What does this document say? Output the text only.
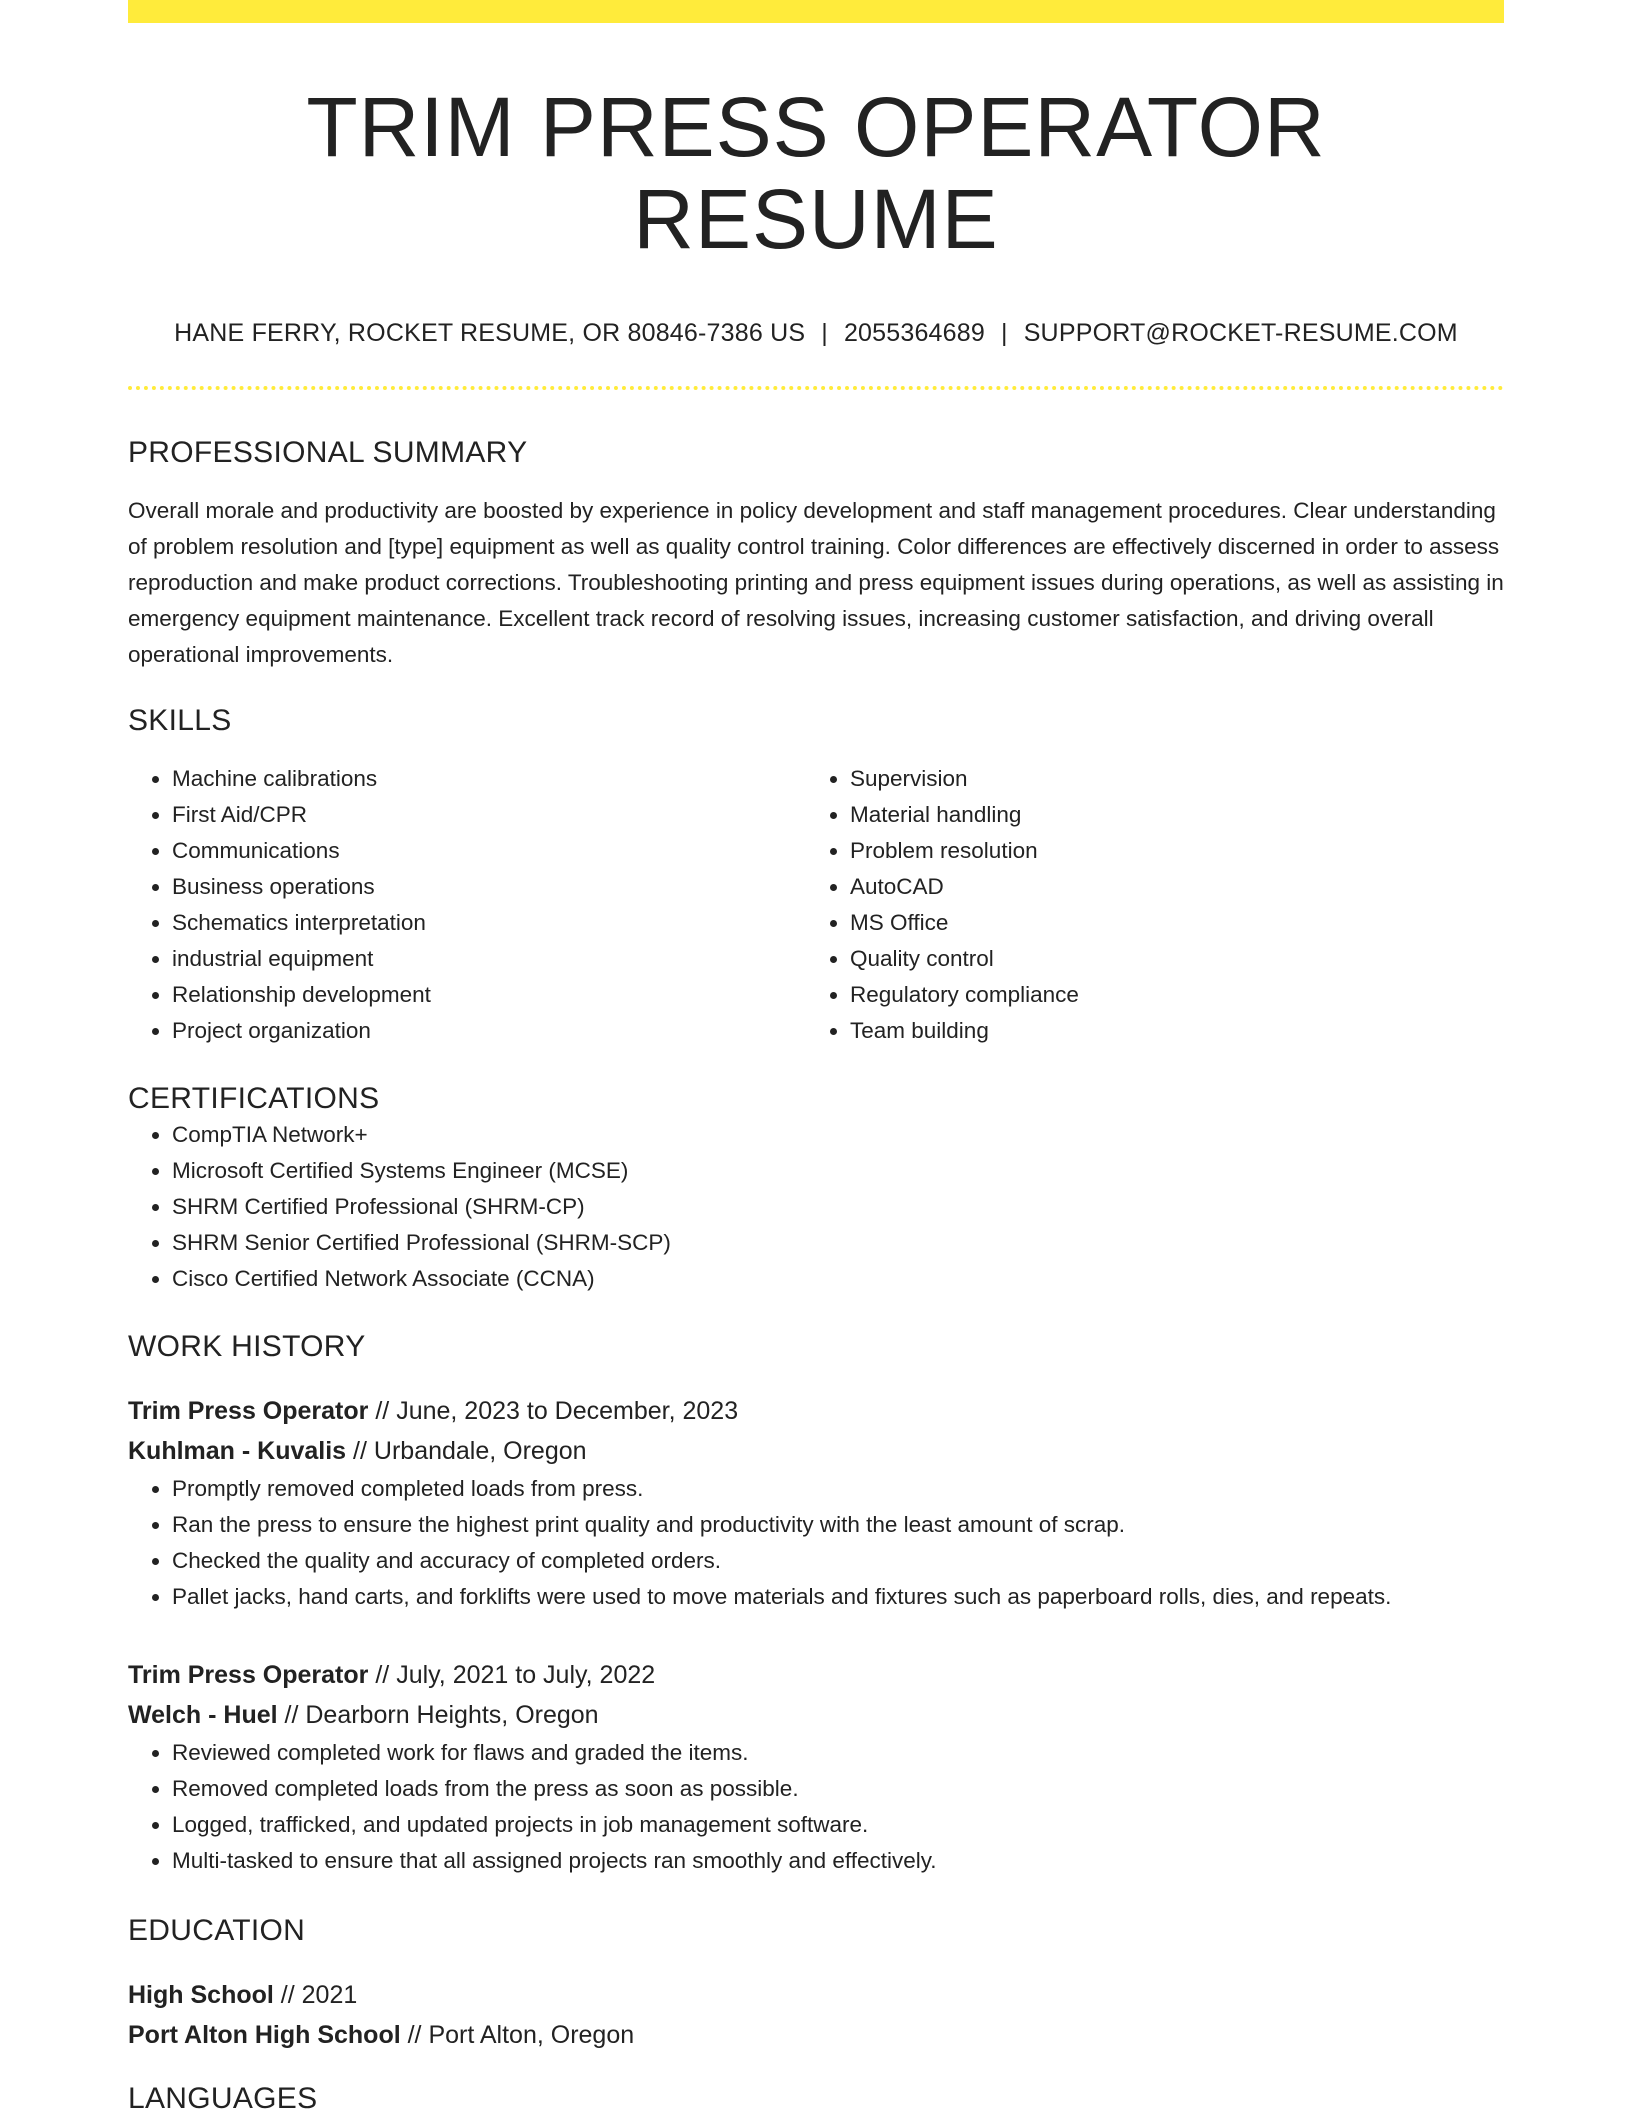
TRIM PRESS OPERATOR RESUME
HANE FERRY, ROCKET RESUME, OR 80846-7386 US | 2055364689 | SUPPORT@ROCKET-RESUME.COM
PROFESSIONAL SUMMARY
Overall morale and productivity are boosted by experience in policy development and staff management procedures. Clear understanding of problem resolution and [type] equipment as well as quality control training. Color differences are effectively discerned in order to assess reproduction and make product corrections. Troubleshooting printing and press equipment issues during operations, as well as assisting in emergency equipment maintenance. Excellent track record of resolving issues, increasing customer satisfaction, and driving overall operational improvements.
SKILLS
• Machine calibrations
• First Aid/CPR
• Communications
• Business operations
• Schematics interpretation
• industrial equipment
• Relationship development
• Project organization
• Supervision
• Material handling
• Problem resolution
• AutoCAD
• MS Office
• Quality control
• Regulatory compliance
• Team building
CERTIFICATIONS
• CompTIA Network+
• Microsoft Certified Systems Engineer (MCSE)
• SHRM Certified Professional (SHRM-CP)
• SHRM Senior Certified Professional (SHRM-SCP)
• Cisco Certified Network Associate (CCNA)
WORK HISTORY
Trim Press Operator // June, 2023 to December, 2023
Kuhlman - Kuvalis // Urbandale, Oregon
• Promptly removed completed loads from press.
• Ran the press to ensure the highest print quality and productivity with the least amount of scrap.
• Checked the quality and accuracy of completed orders.
• Pallet jacks, hand carts, and forklifts were used to move materials and fixtures such as paperboard rolls, dies, and repeats.
Trim Press Operator // July, 2021 to July, 2022
Welch - Huel // Dearborn Heights, Oregon
• Reviewed completed work for flaws and graded the items.
• Removed completed loads from the press as soon as possible.
• Logged, trafficked, and updated projects in job management software.
• Multi-tasked to ensure that all assigned projects ran smoothly and effectively.
EDUCATION
High School // 2021
Port Alton High School // Port Alton, Oregon
LANGUAGES
